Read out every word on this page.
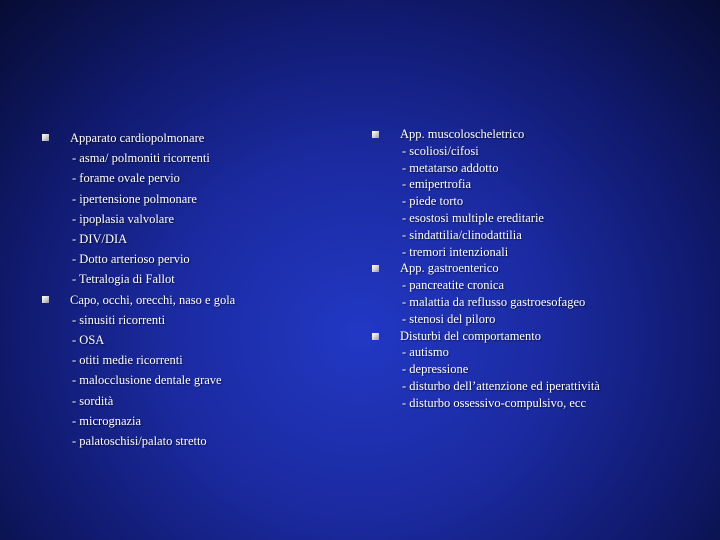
Apparato cardiopolmonare
- asma/ polmoniti ricorrenti
- forame ovale pervio
- ipertensione polmonare
- ipoplasia valvolare
- DIV/DIA
- Dotto arterioso pervio
- Tetralogia di Fallot
Capo, occhi, orecchi, naso e gola
- sinusiti ricorrenti
- OSA
- otiti medie ricorrenti
- malocclusione dentale grave
- sordità
- micrognazia
- palatoschisi/palato stretto
App. muscoloscheletrico
- scoliosi/cifosi
- metatarso addotto
- emipertrofia
- piede torto
- esostosi multiple ereditarie
- sindattilia/clinodattilia
- tremori intenzionali
App. gastroenterico
- pancreatite cronica
- malattia da reflusso gastroesofageo
- stenosi del piloro
Disturbi del comportamento
- autismo
- depressione
- disturbo dell’attenzione ed iperattività
- disturbo ossessivo-compulsivo, ecc
